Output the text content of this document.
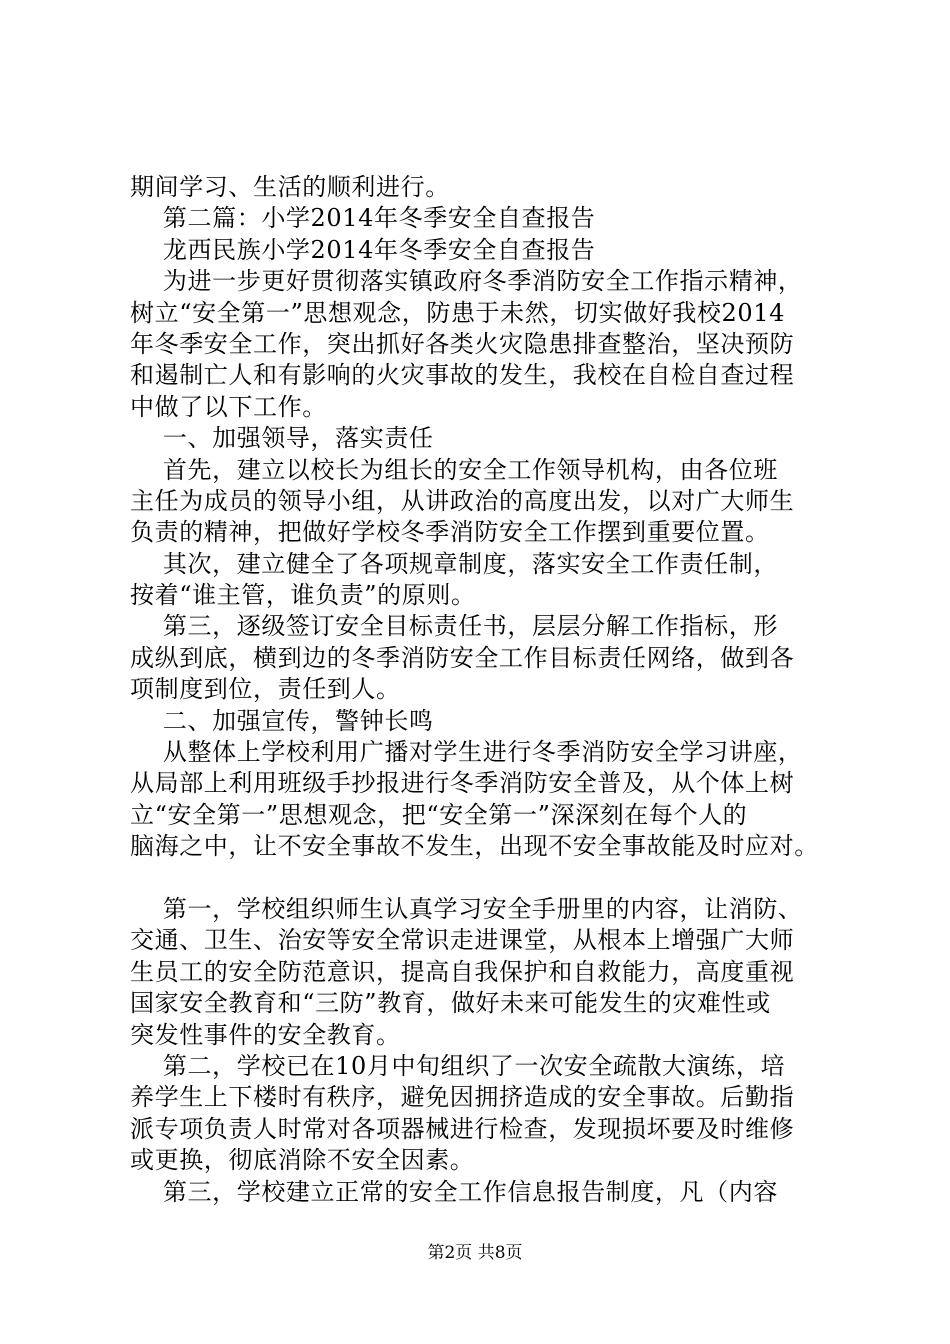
期间学习、生活的顺利进行。
第二篇：小学2014年冬季安全自查报告
龙西民族小学2014年冬季安全自查报告
为进一步更好贯彻落实镇政府冬季消防安全工作指示精神，
树立“安全第一”思想观念，防患于未然，切实做好我校2014
年冬季安全工作，突出抓好各类火灾隐患排查整治，坚决预防
和遏制亡人和有影响的火灾事故的发生，我校在自检自查过程
中做了以下工作。
一、加强领导，落实责任
首先，建立以校长为组长的安全工作领导机构，由各位班
主任为成员的领导小组，从讲政治的高度出发，以对广大师生
负责的精神，把做好学校冬季消防安全工作摆到重要位置。
其次，建立健全了各项规章制度，落实安全工作责任制，
按着“谁主管，谁负责”的原则。
第三，逐级签订安全目标责任书，层层分解工作指标，形
成纵到底，横到边的冬季消防安全工作目标责任网络，做到各
项制度到位，责任到人。
二、加强宣传，警钟长鸣
从整体上学校利用广播对学生进行冬季消防安全学习讲座，
从局部上利用班级手抄报进行冬季消防安全普及，从个体上树
立“安全第一”思想观念，把“安全第一”深深刻在每个人的
脑海之中，让不安全事故不发生，出现不安全事故能及时应对。
第一，学校组织师生认真学习安全手册里的内容，让消防、
交通、卫生、治安等安全常识走进课堂，从根本上增强广大师
生员工的安全防范意识，提高自我保护和自救能力，高度重视
国家安全教育和“三防”教育，做好未来可能发生的灾难性或
突发性事件的安全教育。
第二，学校已在10月中旬组织了一次安全疏散大演练，培
养学生上下楼时有秩序，避免因拥挤造成的安全事故。后勤指
派专项负责人时常对各项器械进行检查，发现损坏要及时维修
或更换，彻底消除不安全因素。
第三，学校建立正常的安全工作信息报告制度，凡（内容
第2页 共8页
